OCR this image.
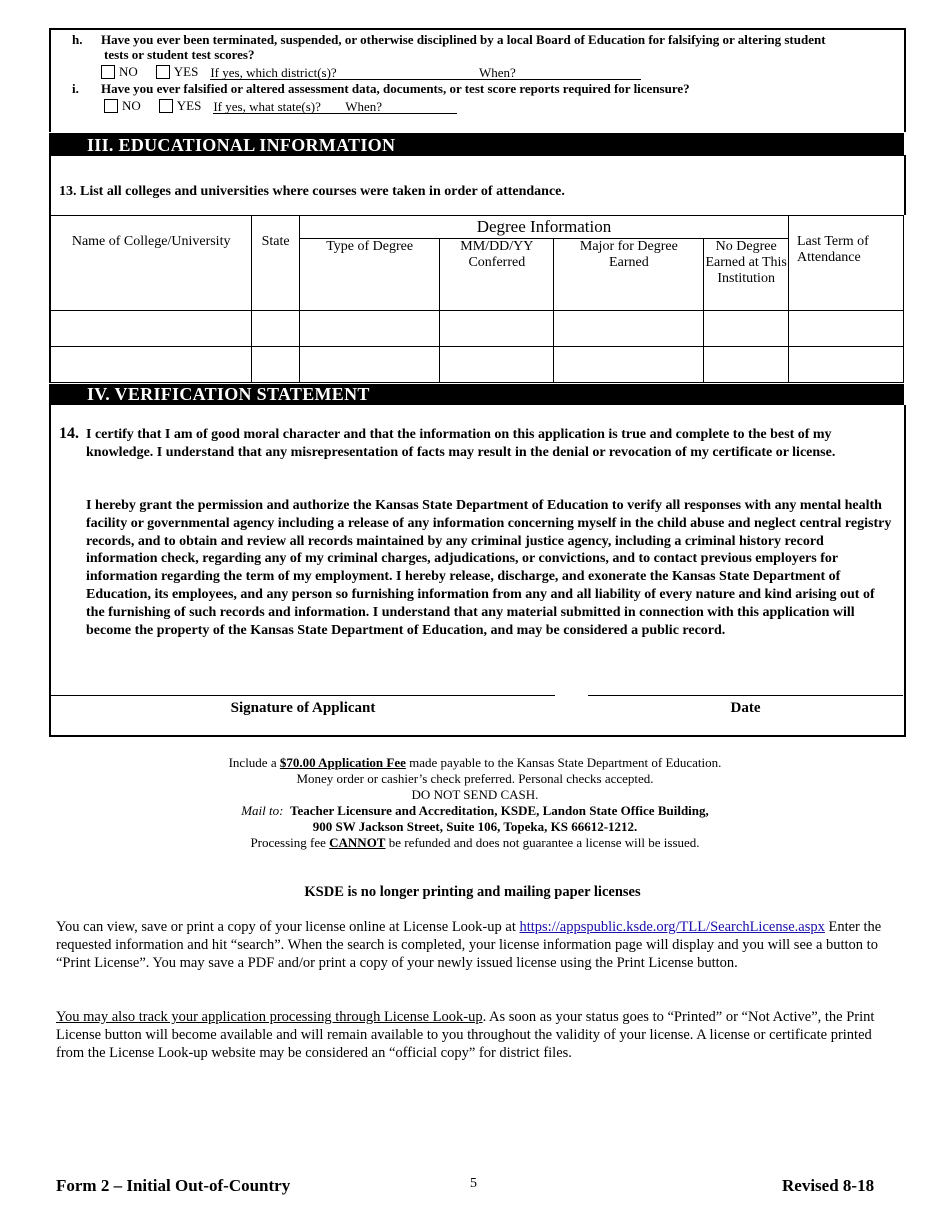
h. Have you ever been terminated, suspended, or otherwise disciplined by a local Board of Education for falsifying or altering student
tests or student test scores?
NO	YES If yes, which district(s)?	When?
i. Have you ever falsified or altered assessment data, documents, or test score reports required for licensure?
NO	YES If yes, what state(s)? When?
III. EDUCATIONAL INFORMATION
13. List all colleges and universities where courses were taken in order of attendance.
Name of College/University	State	Degree Information				Last Term of Attendance
		Type of Degree	MM/DD/YY Conferred	Major for Degree Earned	No Degree Earned at This Institution	

IV. VERIFICATION STATEMENT
14. I certify that I am of good moral character and that the information on this application is true and complete to the best of my knowledge. I understand that any misrepresentation of facts may result in the denial or revocation of my certificate or license.
I hereby grant the permission and authorize the Kansas State Department of Education to verify all responses with any mental health facility or governmental agency including a release of any information concerning myself in the child abuse and neglect central registry records, and to obtain and review all records maintained by any criminal justice agency, including a criminal history record information check, regarding any of my criminal charges, adjudications, or convictions, and to contact previous employers for information regarding the term of my employment. I hereby release, discharge, and exonerate the Kansas State Department of Education, its employees, and any person so furnishing information from any and all liability of every nature and kind arising out of the furnishing of such records and information. I understand that any material submitted in connection with this application will become the property of the Kansas State Department of Education, and may be considered a public record.
Signature of Applicant	Date
Include a $70.00 Application Fee made payable to the Kansas State Department of Education.
Money order or cashier’s check preferred. Personal checks accepted.
DO NOT SEND CASH.
Mail to: Teacher Licensure and Accreditation, KSDE, Landon State Office Building,
900 SW Jackson Street, Suite 106, Topeka, KS 66612-1212.
Processing fee CANNOT be refunded and does not guarantee a license will be issued.
KSDE is no longer printing and mailing paper licenses
You can view, save or print a copy of your license online at License Look-up at https://appspublic.ksde.org/TLL/SearchLicense.aspx Enter the requested information and hit “search”. When the search is completed, your license information page will display and you will see a button to “Print License”. You may save a PDF and/or print a copy of your newly issued license using the Print License button.
You may also track your application processing through License Look-up. As soon as your status goes to “Printed” or “Not Active”, the Print License button will become available and will remain available to you throughout the validity of your license. A license or certificate printed from the License Look-up website may be considered an “official copy” for district files.
Form 2 – Initial Out-of-Country	5	Revised 8-18
